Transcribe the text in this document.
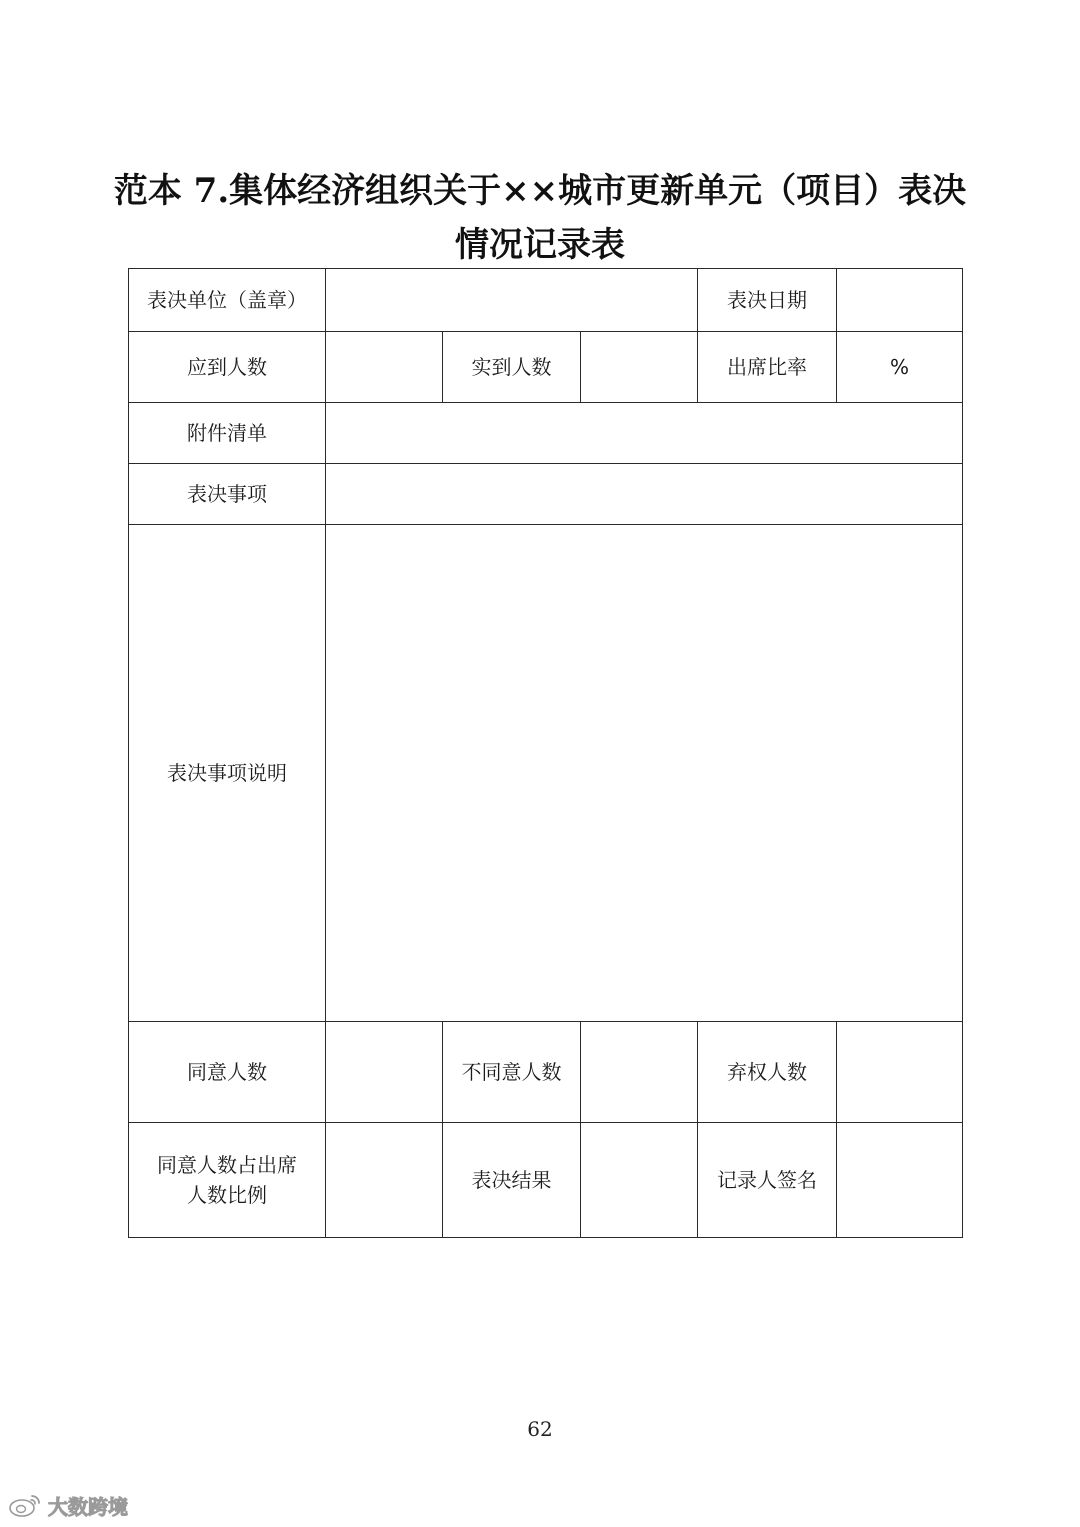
范本 7.集体经济组织关于××城市更新单元（项目）表决
情况记录表
表决单位（盖章）				表决日期	
应到人数		实到人数		出席比率	%
附件清单					
表决事项					
表决事项说明					
同意人数		不同意人数		弃权人数	
同意人数占出席
人数比例		表决结果		记录人签名	
62
大数跨境
